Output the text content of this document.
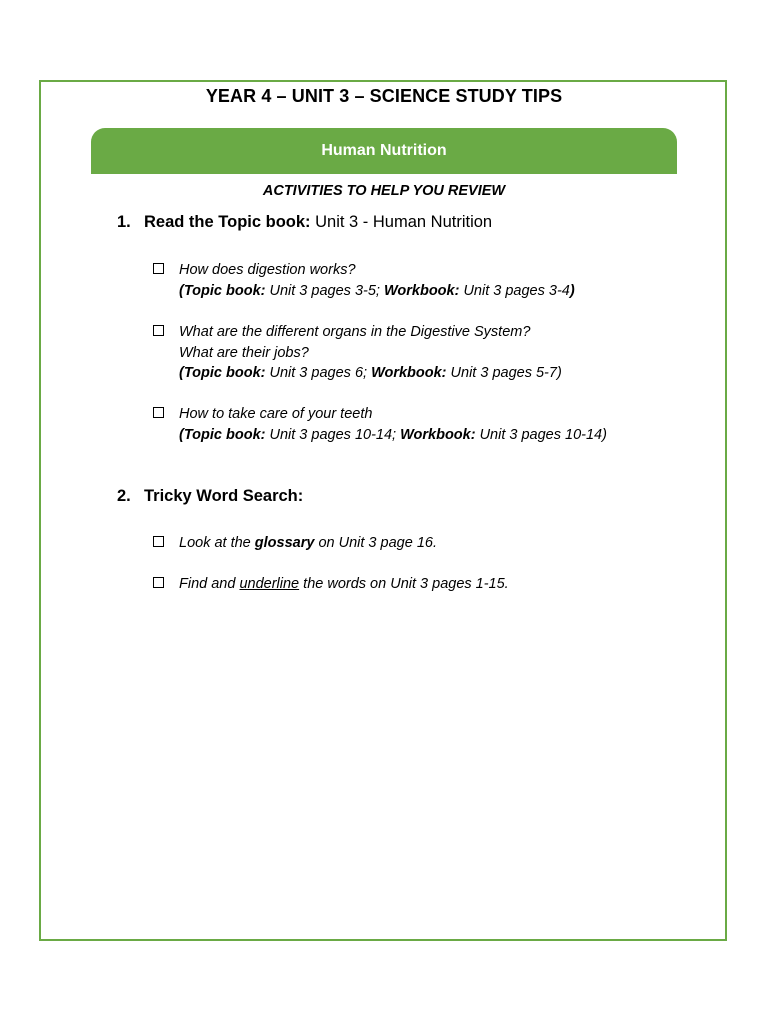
YEAR 4 – UNIT 3 – SCIENCE STUDY TIPS
Human Nutrition
ACTIVITIES TO HELP YOU REVIEW
1. Read the Topic book: Unit 3 - Human Nutrition
How does digestion works?
(Topic book: Unit 3 pages 3-5; Workbook: Unit 3 pages 3-4)
What are the different organs in the Digestive System?
What are their jobs?
(Topic book: Unit 3 pages 6; Workbook: Unit 3 pages 5-7)
How to take care of your teeth
(Topic book: Unit 3 pages 10-14; Workbook: Unit 3 pages 10-14)
2. Tricky Word Search:
Look at the glossary on Unit 3 page 16.
Find and underline the words on Unit 3 pages 1-15.
